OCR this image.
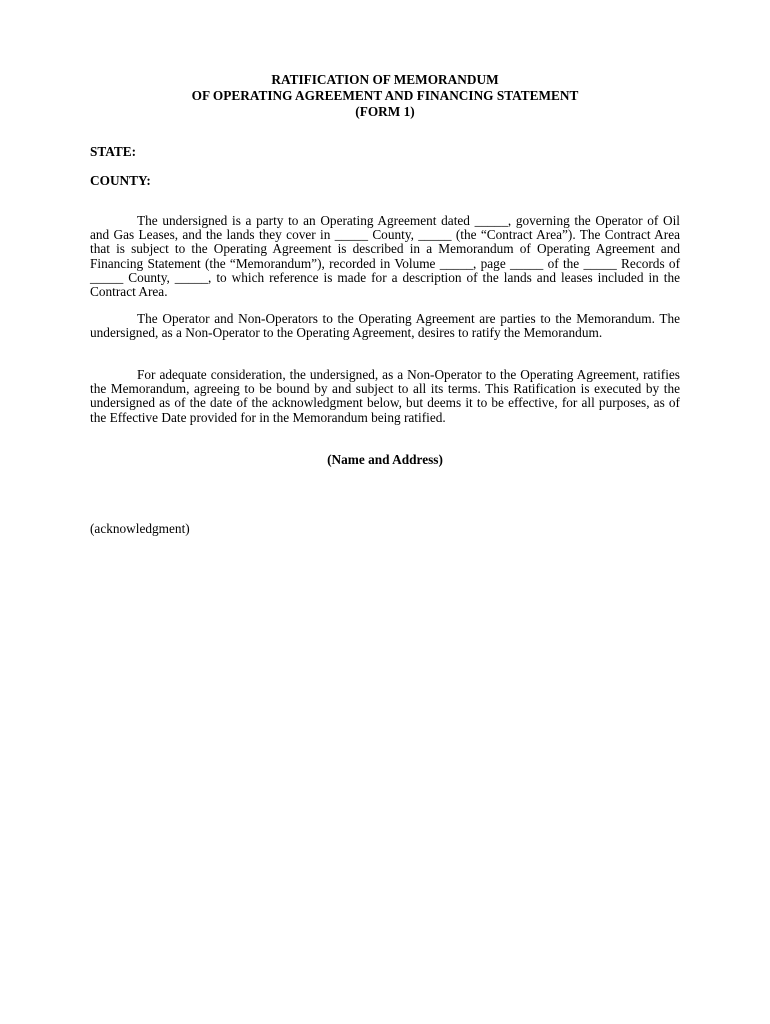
RATIFICATION OF MEMORANDUM
OF OPERATING AGREEMENT AND FINANCING STATEMENT
(FORM 1)
STATE:
COUNTY:

The undersigned is a party to an Operating Agreement dated _____, governing the Operator of Oil and Gas Leases, and the lands they cover in _____ County, _____ (the “Contract Area”). The Contract Area that is subject to the Operating Agreement is described in a Memorandum of Operating Agreement and Financing Statement (the “Memorandum”), recorded in Volume _____, page _____ of the _____ Records of _____ County, _____, to which reference is made for a description of the lands and leases included in the Contract Area.

The Operator and Non-Operators to the Operating Agreement are parties to the Memorandum. The undersigned, as a Non-Operator to the Operating Agreement, desires to ratify the Memorandum.

For adequate consideration, the undersigned, as a Non-Operator to the Operating Agreement, ratifies the Memorandum, agreeing to be bound by and subject to all its terms. This Ratification is executed by the undersigned as of the date of the acknowledgment below, but deems it to be effective, for all purposes, as of the Effective Date provided for in the Memorandum being ratified.

(Name and Address)
(acknowledgment)
